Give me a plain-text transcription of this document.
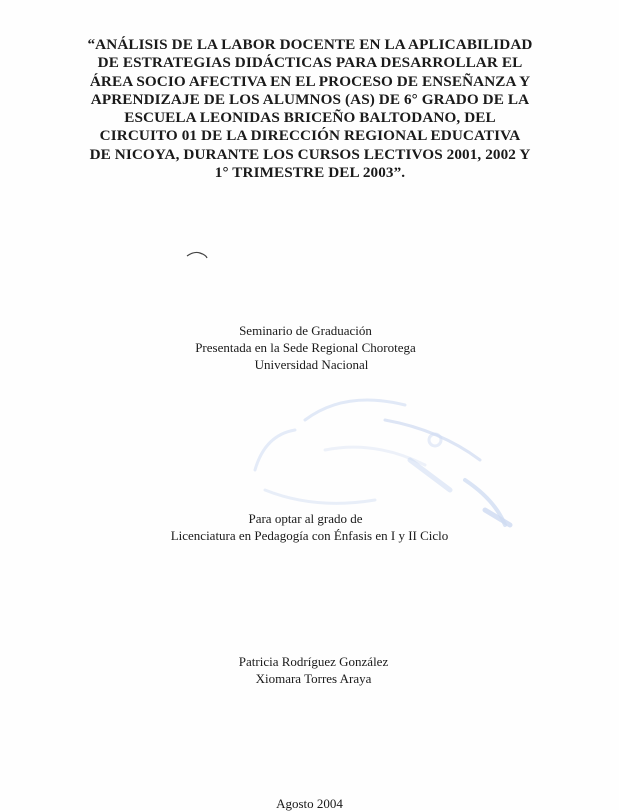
“ANÁLISIS DE LA LABOR DOCENTE EN LA APLICABILIDAD
DE ESTRATEGIAS DIDÁCTICAS PARA DESARROLLAR EL
ÁREA SOCIO AFECTIVA EN EL PROCESO DE ENSEÑANZA Y
APRENDIZAJE DE LOS ALUMNOS (AS) DE 6° GRADO DE LA
ESCUELA LEONIDAS BRICEÑO BALTODANO, DEL
CIRCUITO 01 DE LA DIRECCIÓN REGIONAL EDUCATIVA
DE NICOYA, DURANTE LOS CURSOS LECTIVOS 2001, 2002 Y
1° TRIMESTRE DEL 2003”.
Seminario de Graduación
Presentada en la Sede Regional Chorotega
Universidad Nacional
Para optar al grado de
Licenciatura en Pedagogía con Énfasis en I y II Ciclo
Patricia Rodríguez González
Xiomara Torres Araya
Agosto 2004
